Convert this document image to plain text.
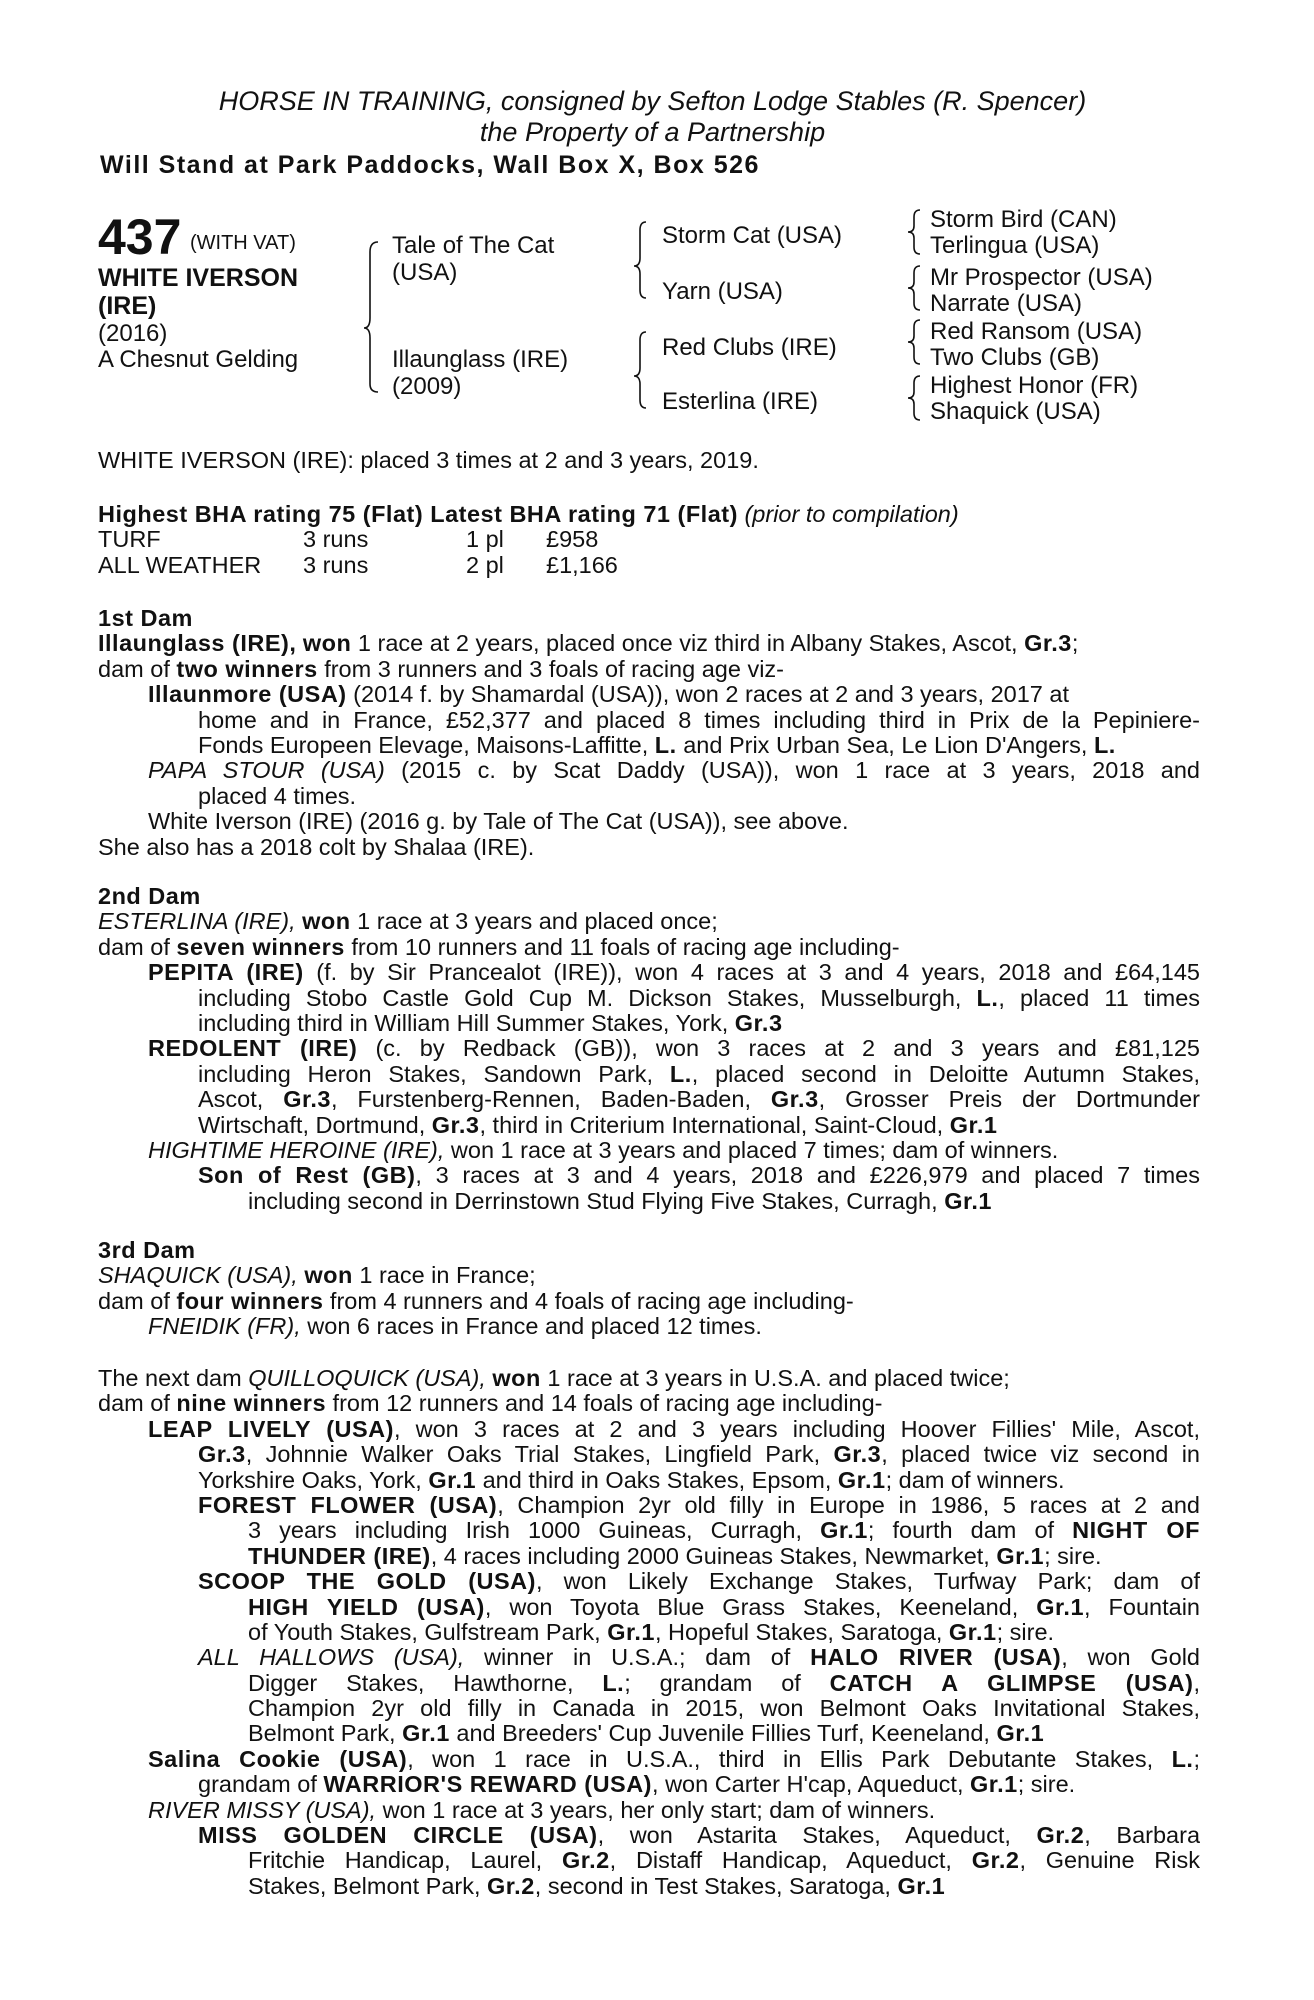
HORSE IN TRAINING, consigned by Sefton Lodge Stables (R. Spencer)
the Property of a Partnership
Will Stand at Park Paddocks, Wall Box X, Box 526
437 (WITH VAT)
WHITE IVERSON
(IRE)
(2016)
A Chesnut Gelding
Tale of The Cat
(USA)
Illaunglass (IRE)
(2009)
Storm Cat (USA)
Yarn (USA)
Red Clubs (IRE)
Esterlina (IRE)
Storm Bird (CAN)
Terlingua (USA)
Mr Prospector (USA)
Narrate (USA)
Red Ransom (USA)
Two Clubs (GB)
Highest Honor (FR)
Shaquick (USA)
WHITE IVERSON (IRE): placed 3 times at 2 and 3 years, 2019.
Highest BHA rating 75 (Flat) Latest BHA rating 71 (Flat) (prior to compilation)
TURF	3 runs	1 pl	£958
ALL WEATHER	3 runs	2 pl	£1,166
1st Dam
Illaunglass (IRE), won 1 race at 2 years, placed once viz third in Albany Stakes, Ascot, Gr.3;
dam of two winners from 3 runners and 3 foals of racing age viz-
Illaunmore (USA) (2014 f. by Shamardal (USA)), won 2 races at 2 and 3 years, 2017 at
home and in France, £52,377 and placed 8 times including third in Prix de la Pepiniere-
Fonds Europeen Elevage, Maisons-Laffitte, L. and Prix Urban Sea, Le Lion D'Angers, L.
PAPA STOUR (USA) (2015 c. by Scat Daddy (USA)), won 1 race at 3 years, 2018 and
placed 4 times.
White Iverson (IRE) (2016 g. by Tale of The Cat (USA)), see above.
She also has a 2018 colt by Shalaa (IRE).
2nd Dam
ESTERLINA (IRE), won 1 race at 3 years and placed once;
dam of seven winners from 10 runners and 11 foals of racing age including-
PEPITA (IRE) (f. by Sir Prancealot (IRE)), won 4 races at 3 and 4 years, 2018 and £64,145
including Stobo Castle Gold Cup M. Dickson Stakes, Musselburgh, L., placed 11 times
including third in William Hill Summer Stakes, York, Gr.3
REDOLENT (IRE) (c. by Redback (GB)), won 3 races at 2 and 3 years and £81,125
including Heron Stakes, Sandown Park, L., placed second in Deloitte Autumn Stakes,
Ascot, Gr.3, Furstenberg-Rennen, Baden-Baden, Gr.3, Grosser Preis der Dortmunder
Wirtschaft, Dortmund, Gr.3, third in Criterium International, Saint-Cloud, Gr.1
HIGHTIME HEROINE (IRE), won 1 race at 3 years and placed 7 times; dam of winners.
Son of Rest (GB), 3 races at 3 and 4 years, 2018 and £226,979 and placed 7 times
including second in Derrinstown Stud Flying Five Stakes, Curragh, Gr.1
3rd Dam
SHAQUICK (USA), won 1 race in France;
dam of four winners from 4 runners and 4 foals of racing age including-
FNEIDIK (FR), won 6 races in France and placed 12 times.
The next dam QUILLOQUICK (USA), won 1 race at 3 years in U.S.A. and placed twice;
dam of nine winners from 12 runners and 14 foals of racing age including-
LEAP LIVELY (USA), won 3 races at 2 and 3 years including Hoover Fillies' Mile, Ascot,
Gr.3, Johnnie Walker Oaks Trial Stakes, Lingfield Park, Gr.3, placed twice viz second in
Yorkshire Oaks, York, Gr.1 and third in Oaks Stakes, Epsom, Gr.1; dam of winners.
FOREST FLOWER (USA), Champion 2yr old filly in Europe in 1986, 5 races at 2 and
3 years including Irish 1000 Guineas, Curragh, Gr.1; fourth dam of NIGHT OF
THUNDER (IRE), 4 races including 2000 Guineas Stakes, Newmarket, Gr.1; sire.
SCOOP THE GOLD (USA), won Likely Exchange Stakes, Turfway Park; dam of
HIGH YIELD (USA), won Toyota Blue Grass Stakes, Keeneland, Gr.1, Fountain
of Youth Stakes, Gulfstream Park, Gr.1, Hopeful Stakes, Saratoga, Gr.1; sire.
ALL HALLOWS (USA), winner in U.S.A.; dam of HALO RIVER (USA), won Gold
Digger Stakes, Hawthorne, L.; grandam of CATCH A GLIMPSE (USA),
Champion 2yr old filly in Canada in 2015, won Belmont Oaks Invitational Stakes,
Belmont Park, Gr.1 and Breeders' Cup Juvenile Fillies Turf, Keeneland, Gr.1
Salina Cookie (USA), won 1 race in U.S.A., third in Ellis Park Debutante Stakes, L.;
grandam of WARRIOR'S REWARD (USA), won Carter H'cap, Aqueduct, Gr.1; sire.
RIVER MISSY (USA), won 1 race at 3 years, her only start; dam of winners.
MISS GOLDEN CIRCLE (USA), won Astarita Stakes, Aqueduct, Gr.2, Barbara
Fritchie Handicap, Laurel, Gr.2, Distaff Handicap, Aqueduct, Gr.2, Genuine Risk
Stakes, Belmont Park, Gr.2, second in Test Stakes, Saratoga, Gr.1
